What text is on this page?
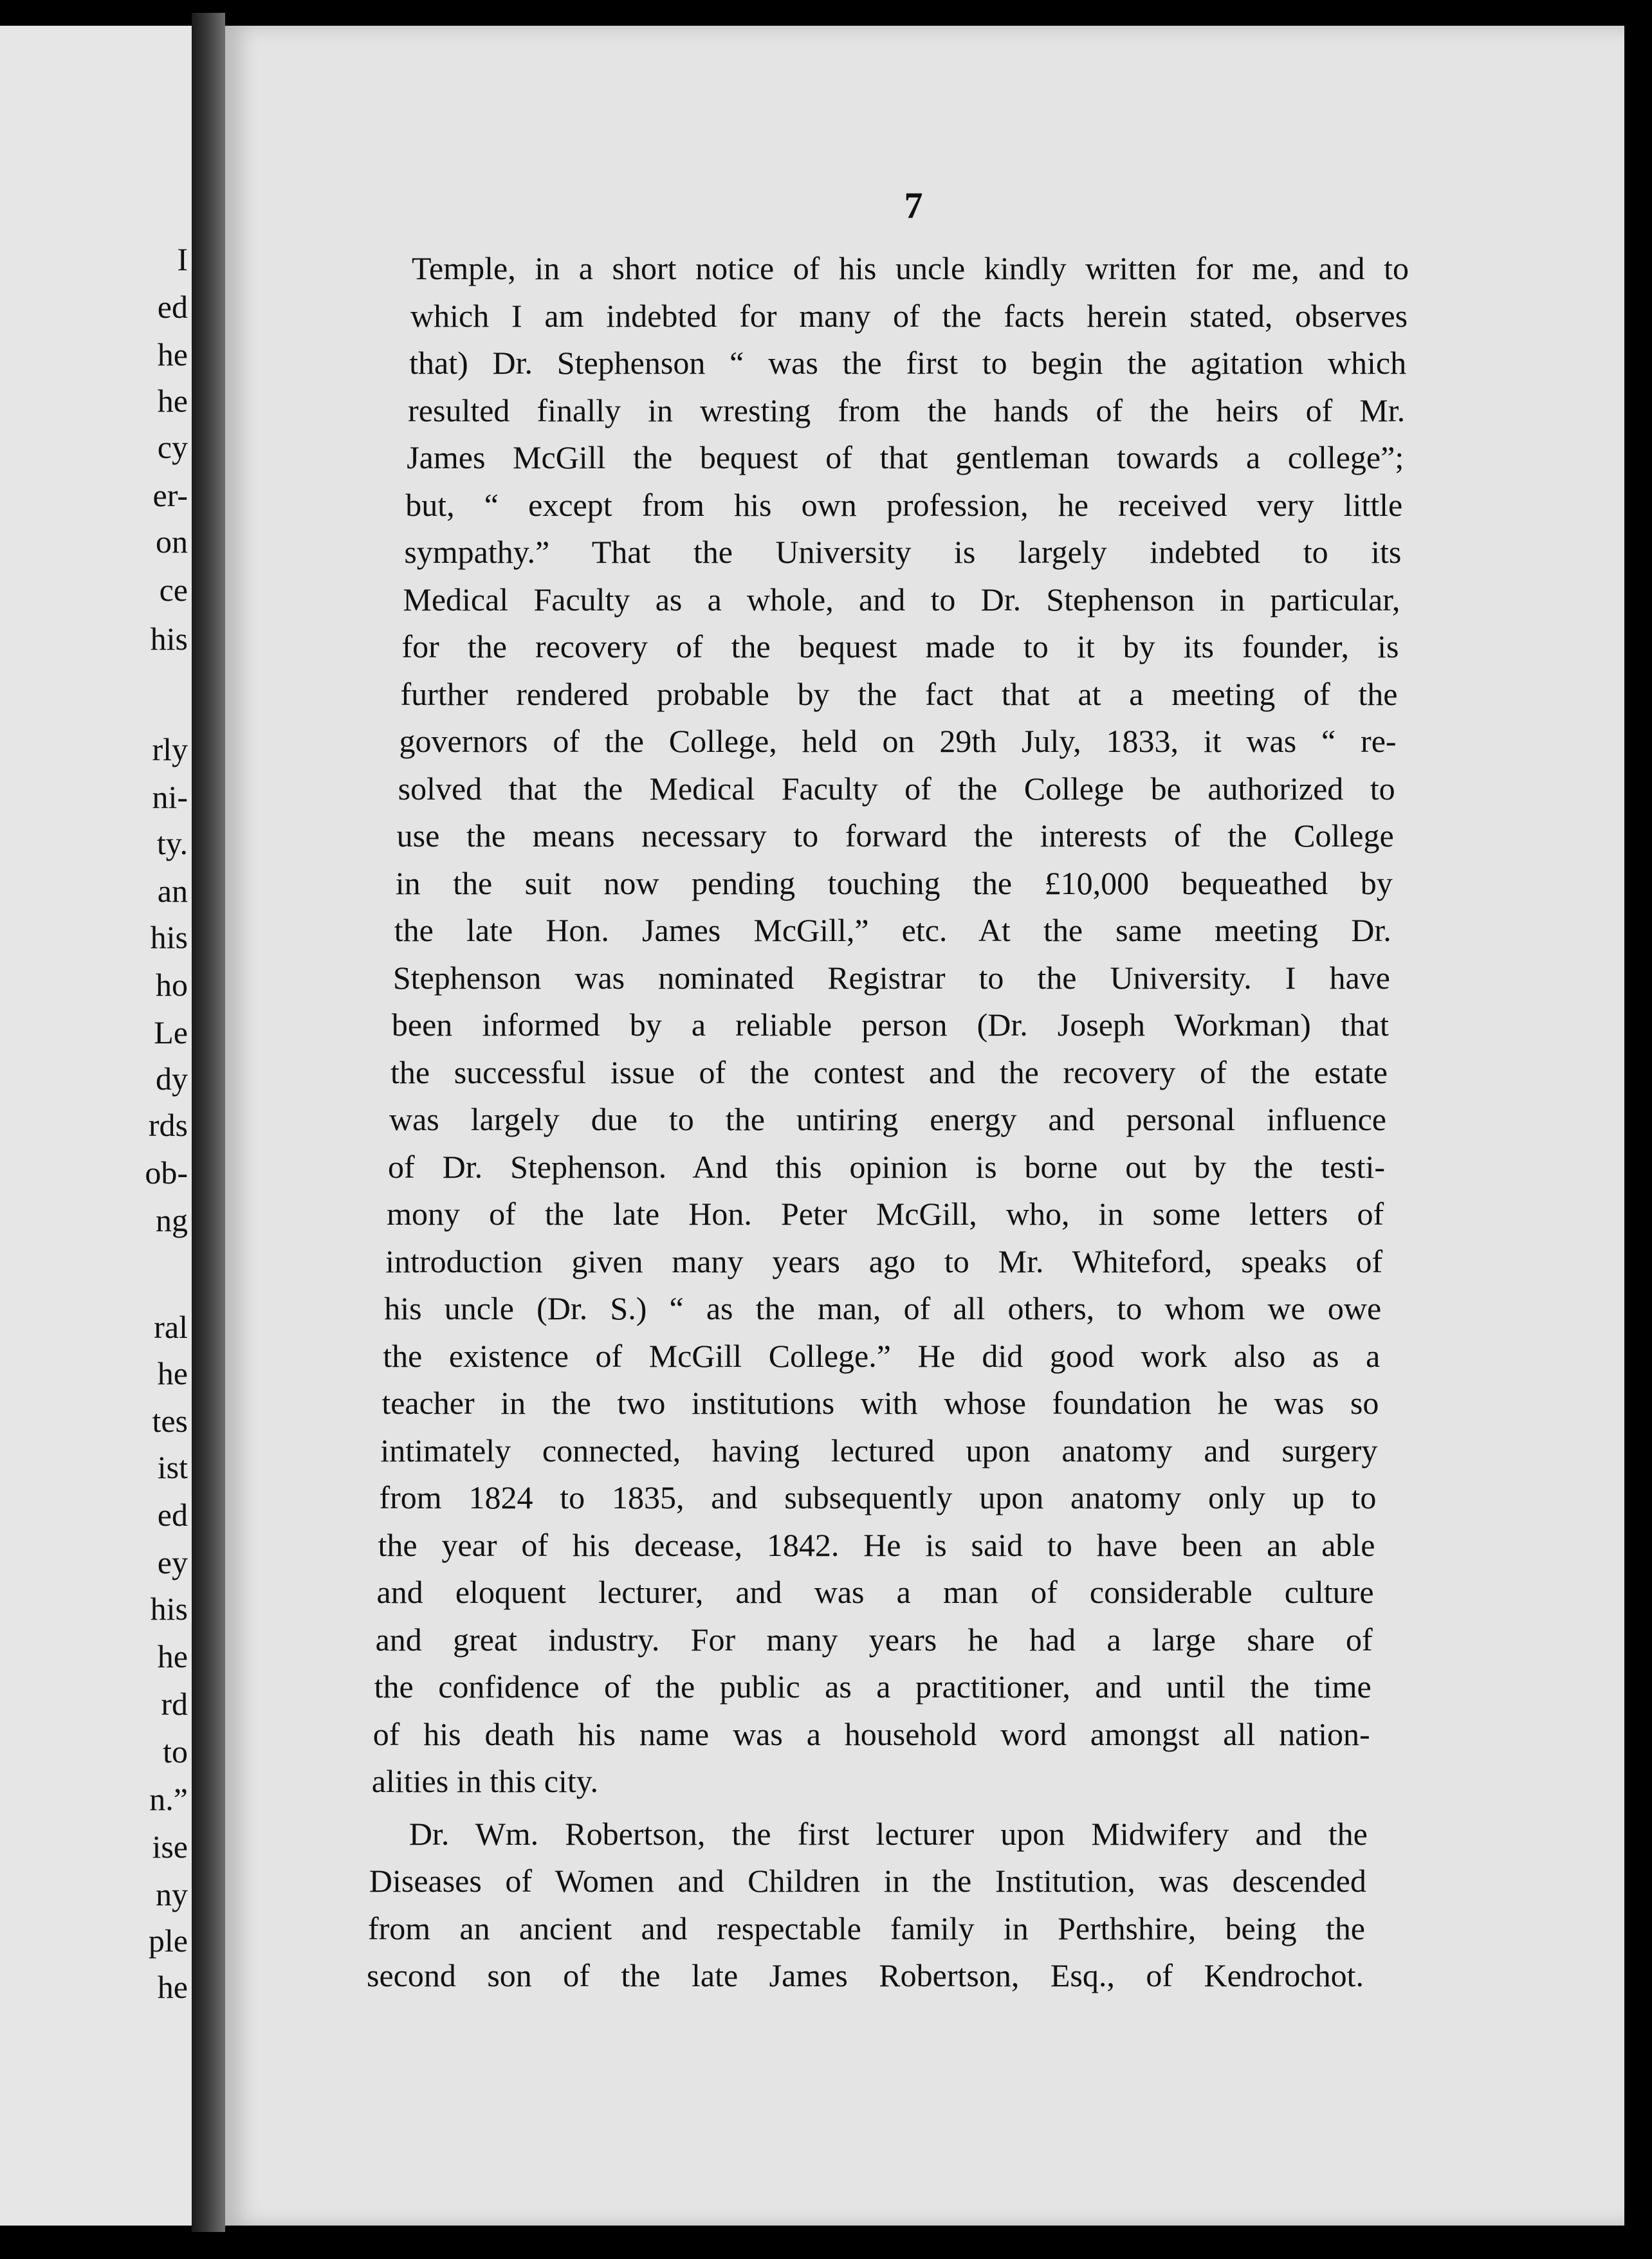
I
ed
he
he
cy
er-
on
ce
his
rly
ni-
ty.
an
his
ho
Le
dy
rds
ob-
ng
ral
he
tes
ist
ed
ey
his
he
rd
to
n.”
ise
ny
ple
he

7

Temple, in a short notice of his uncle kindly written for me, and to
which I am indebted for many of the facts herein stated, observes
that) Dr. Stephenson “ was the first to begin the agitation which
resulted finally in wresting from the hands of the heirs of Mr.
James McGill the bequest of that gentleman towards a college”;
but, “ except from his own profession, he received very little
sympathy.” That the University is largely indebted to its
Medical Faculty as a whole, and to Dr. Stephenson in particular,
for the recovery of the bequest made to it by its founder, is
further rendered probable by the fact that at a meeting of the
governors of the College, held on 29th July, 1833, it was “ re-
solved that the Medical Faculty of the College be authorized to
use the means necessary to forward the interests of the College
in the suit now pending touching the £10,000 bequeathed by
the late Hon. James McGill,” etc. At the same meeting Dr.
Stephenson was nominated Registrar to the University. I have
been informed by a reliable person (Dr. Joseph Workman) that
the successful issue of the contest and the recovery of the estate
was largely due to the untiring energy and personal influence
of Dr. Stephenson. And this opinion is borne out by the testi-
mony of the late Hon. Peter McGill, who, in some letters of
introduction given many years ago to Mr. Whiteford, speaks of
his uncle (Dr. S.) “ as the man, of all others, to whom we owe
the existence of McGill College.” He did good work also as a
teacher in the two institutions with whose foundation he was so
intimately connected, having lectured upon anatomy and surgery
from 1824 to 1835, and subsequently upon anatomy only up to
the year of his decease, 1842. He is said to have been an able
and eloquent lecturer, and was a man of considerable culture
and great industry. For many years he had a large share of
the confidence of the public as a practitioner, and until the time
of his death his name was a household word amongst all nation-
alities in this city.
Dr. Wm. Robertson, the first lecturer upon Midwifery and the
Diseases of Women and Children in the Institution, was descended
from an ancient and respectable family in Perthshire, being the
second son of the late James Robertson, Esq., of Kendrochot.
